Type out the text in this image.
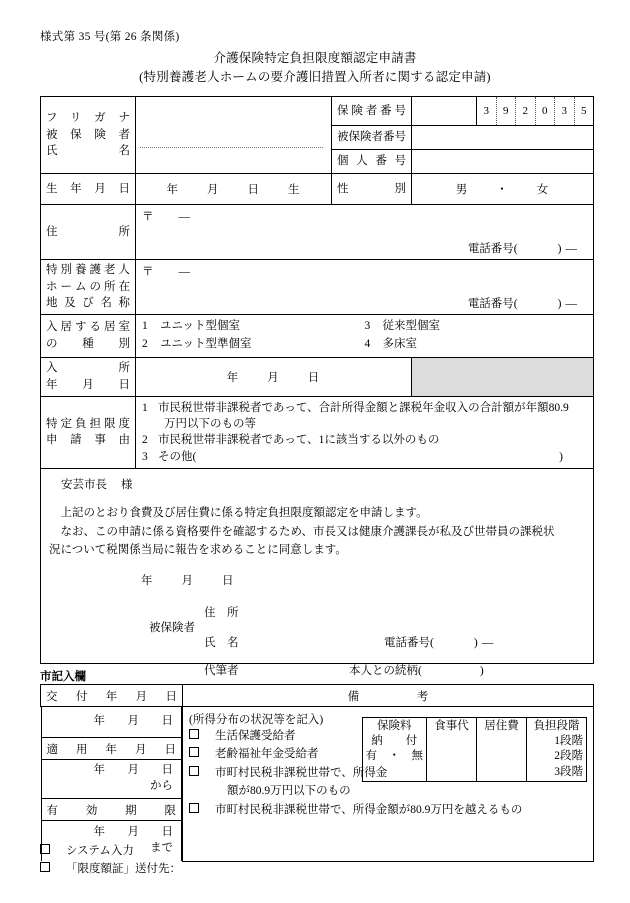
様式第 35 号(第 26 条関係)
介護保険特定負担限度額認定申請書
(特別養護老人ホームの要介護旧措置入所者に関する認定申請)
フリガナ
被保険者
氏　　名

保険者番号	3	9	2	0	3	5

		被保険者番号	

		個人番号	

生年月日	年 月 日 生	性　　別	男 ・ 女

住　　所	〒 —
電話番号( ) —		

特別養護老人
ホームの所在
地及び名称

〒 —
電話番号(	) —

入居する居室
の　種　別

1 ユニット型個室	3 従来型個室
2 ユニット型準個室	4 多床室

入　　　所
年　月　日	年 月 日		

特定負担限度
申　請　事　由

1 市民税世帯非課税者であって、合計所得金額と課税年金収入の合計額が年額80.9
万円以下のもの等
2 市民税世帯非課税者であって、1に該当する以外のもの
3 その他(	)

安芸市長 様
上記のとおり食費及び居住費に係る特定負担限度額認定を申請します。
なお、この申請に係る資格要件を確認するため、市長又は健康介護課長が私及び世帯員の課税状
況について税関係当局に報告を求めることに同意します。
年 月 日
被保険者
住　所
氏　名	電話番号(	) —
代筆者	本人との続柄(	)
市記入欄
交　付　年　月　日	備　　　　　考

年 月 日

適　用　年　月　日

年 月 日
から

有　　効　　期　　限

年 月 日
まで

(所得分布の状況等を記入)
生活保護受給者
老齢福祉年金受給者
市町村民税非課税世帯で、所得金
額が80.9万円以下のもの
市町村民税非課税世帯で、所得金額が80.9万円を越えるもの
保険料
納　　付
有　・　無

食事代	居住費	負担段階
1段階
2段階
3段階
システム入力
「限度額証」送付先：
